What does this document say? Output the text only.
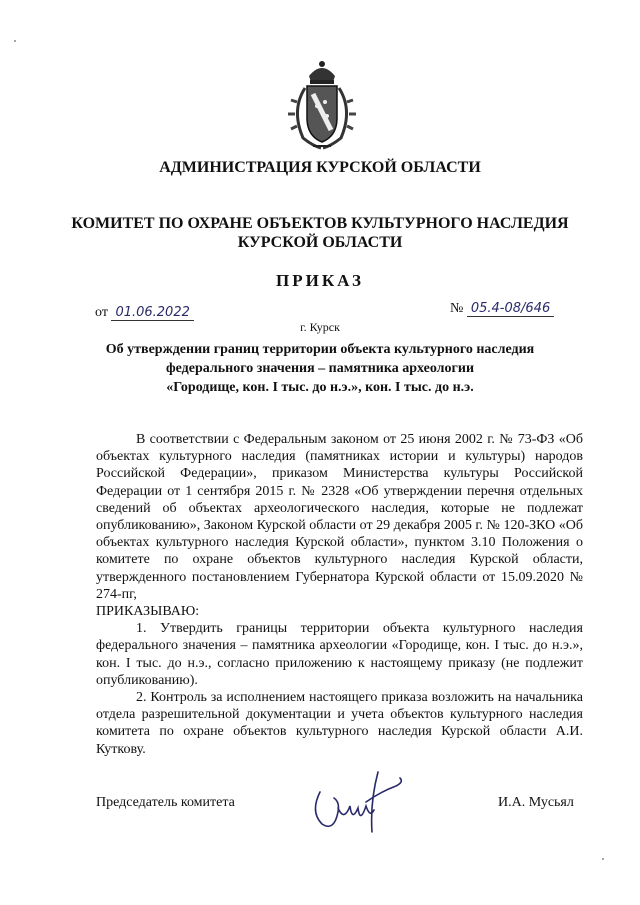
АДМИНИСТРАЦИЯ КУРСКОЙ ОБЛАСТИ
КОМИТЕТ ПО ОХРАНЕ ОБЪЕКТОВ КУЛЬТУРНОГО НАСЛЕДИЯ
КУРСКОЙ ОБЛАСТИ
ПРИКАЗ
от 01.06.2022	№ 05.4-08/646
г. Курск
Об утверждении границ территории объекта культурного наследия
федерального значения – памятника археологии
«Городище, кон. I тыс. до н.э.», кон. I тыс. до н.э.

В соответствии с Федеральным законом от 25 июня 2002 г. № 73-ФЗ «Об объектах культурного наследия (памятниках истории и культуры) народов Российской Федерации», приказом Министерства культуры Российской Федерации от 1 сентября 2015 г. № 2328 «Об утверждении перечня отдельных сведений об объектах археологического наследия, которые не подлежат опубликованию», Законом Курской области от 29 декабря 2005 г. № 120-ЗКО «Об объектах культурного наследия Курской области», пунктом 3.10 Положения о комитете по охране объектов культурного наследия Курской области, утвержденного постановлением Губернатора Курской области от 15.09.2020 № 274-пг,

ПРИКАЗЫВАЮ:

1. Утвердить границы территории объекта культурного наследия федерального значения – памятника археологии «Городище, кон. I тыс. до н.э.», кон. I тыс. до н.э., согласно приложению к настоящему приказу (не подлежит опубликованию).

2. Контроль за исполнением настоящего приказа возложить на начальника отдела разрешительной документации и учета объектов культурного наследия комитета по охране объектов культурного наследия Курской области А.И. Куткову.

Председатель комитета	И.А. Мусьял
